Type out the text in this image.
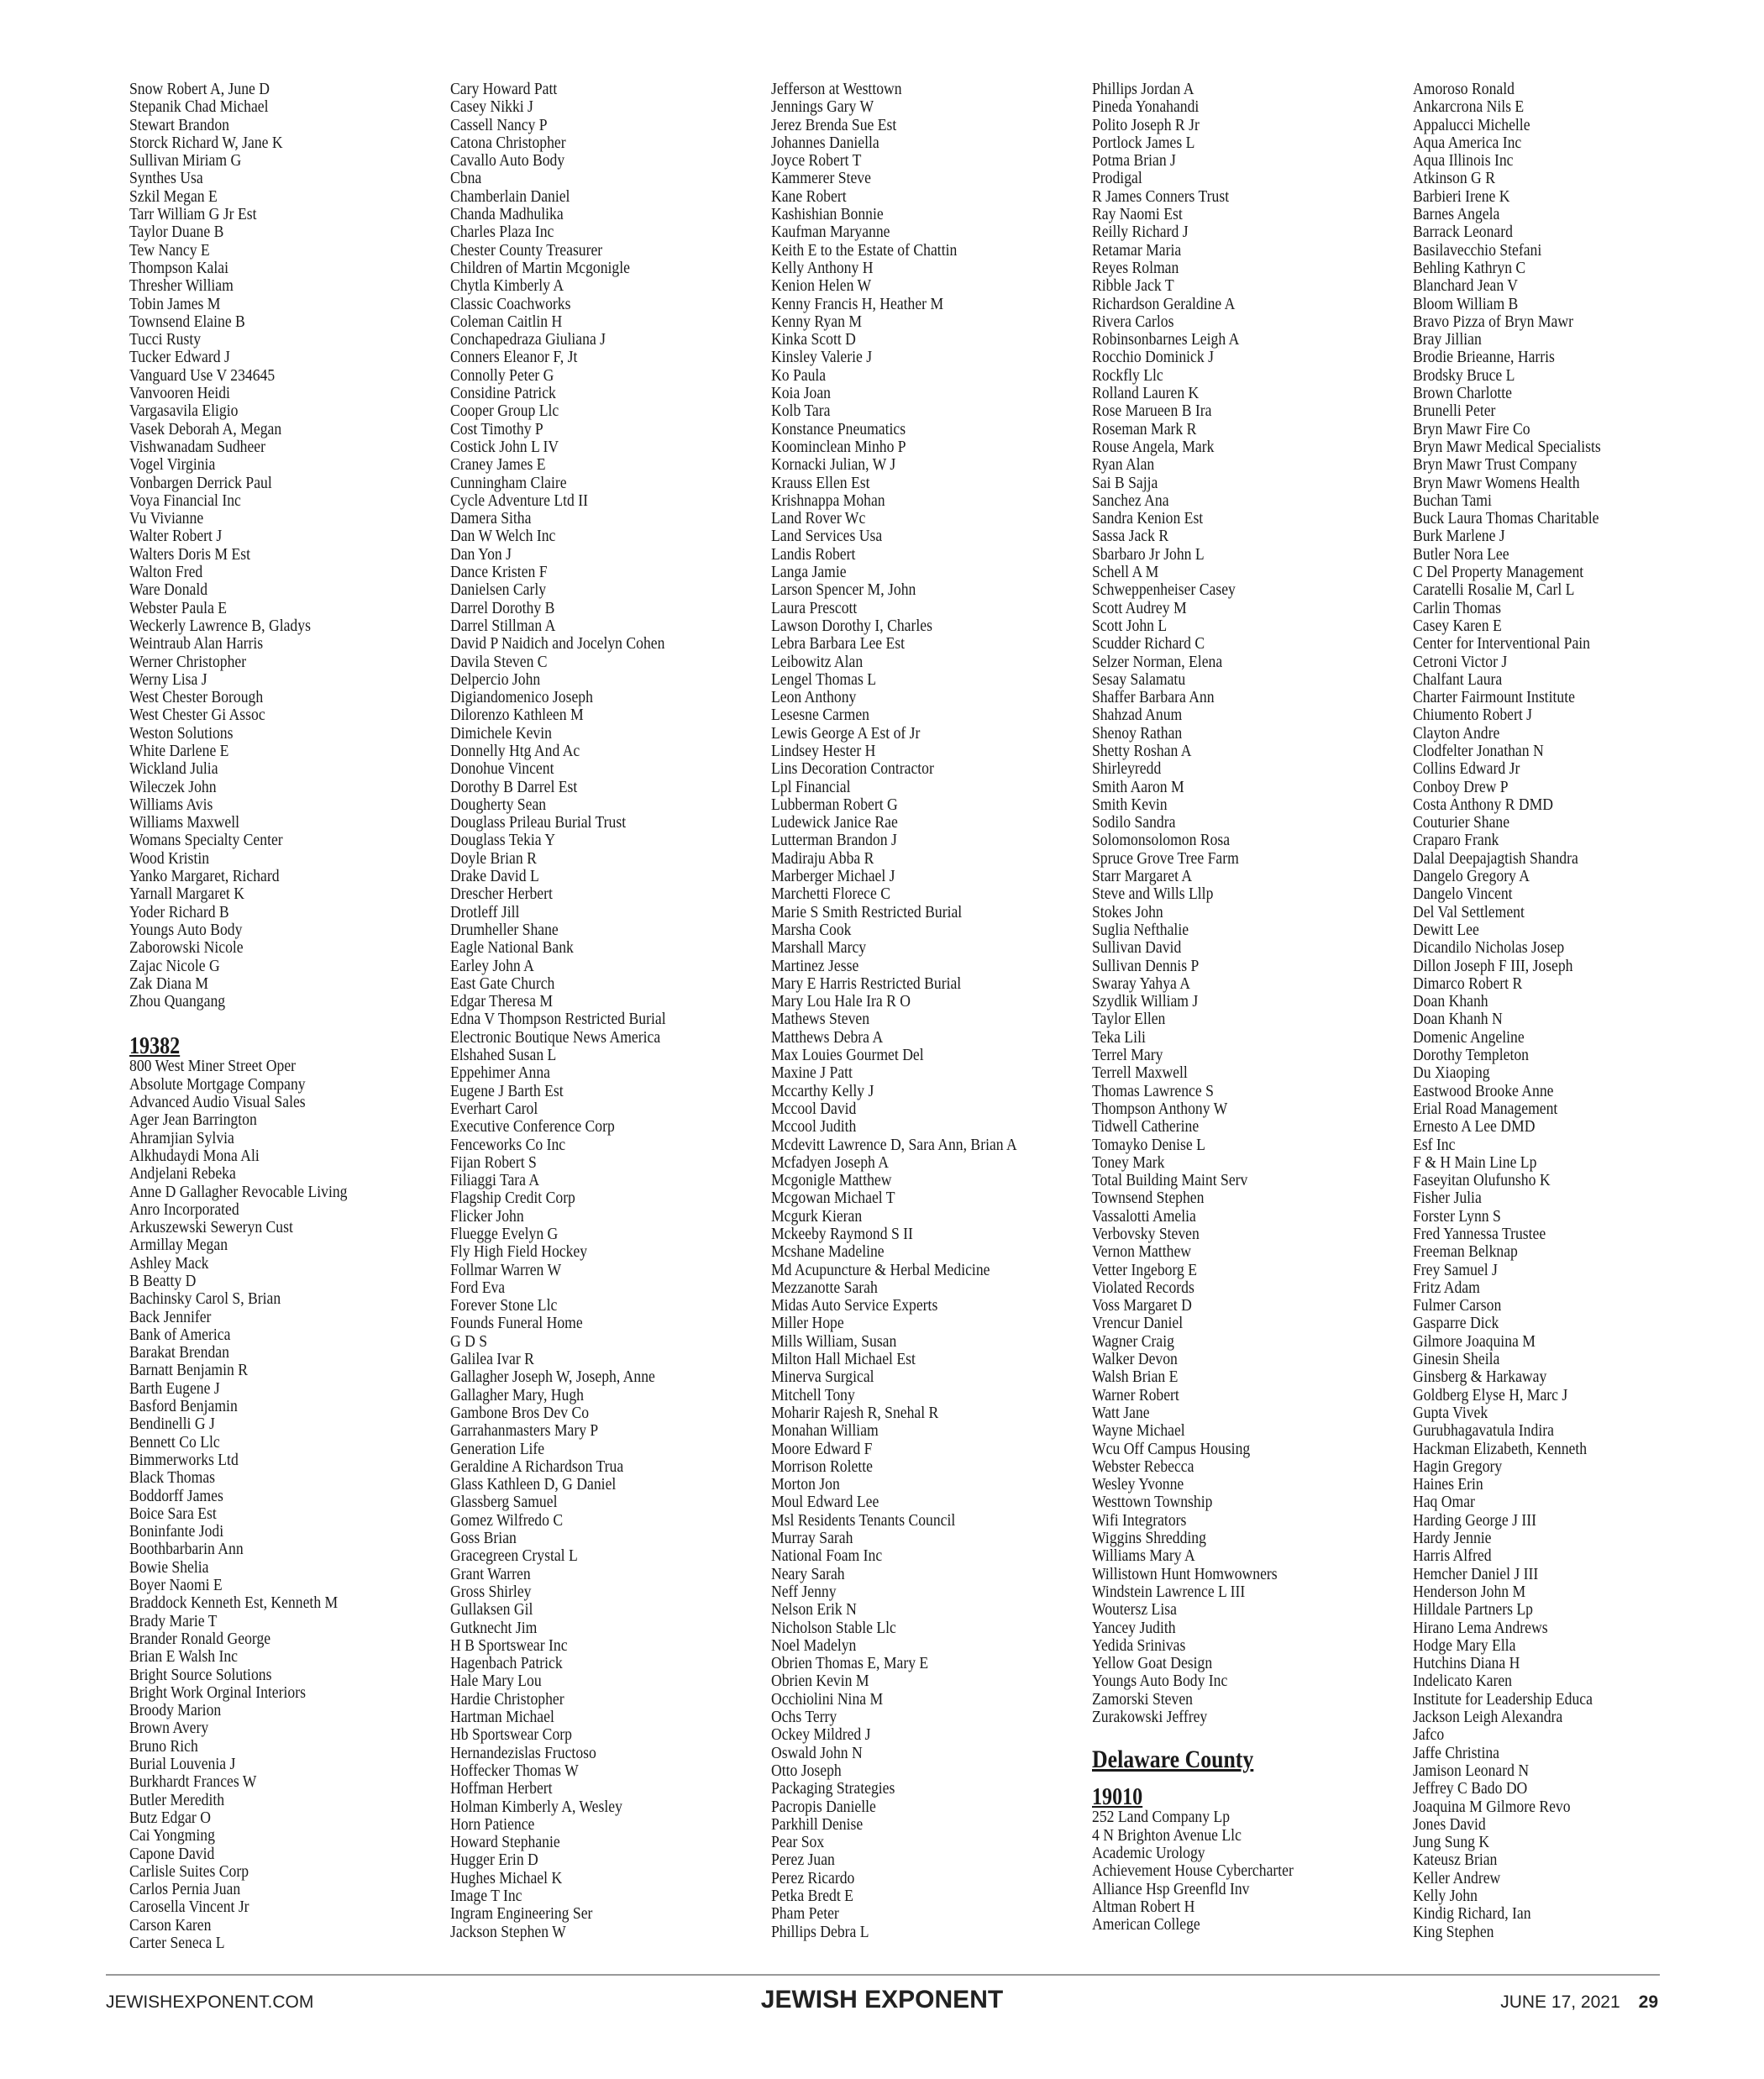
Snow Robert A, June D
Stepanik Chad Michael
Stewart Brandon
Storck Richard W, Jane K
Sullivan Miriam G
Synthes Usa
Szkil Megan E
Tarr William G Jr Est
Taylor Duane B
Tew Nancy E
Thompson Kalai
Thresher William
Tobin James M
Townsend Elaine B
Tucci Rusty
Tucker Edward J
Vanguard Use V 234645
Vanvooren Heidi
Vargasavila Eligio
Vasek Deborah A, Megan
Vishwanadam Sudheer
Vogel Virginia
Vonbargen Derrick Paul
Voya Financial Inc
Vu Vivianne
Walter Robert J
Walters Doris M Est
Walton Fred
Ware Donald
Webster Paula E
Weckerly Lawrence B, Gladys
Weintraub Alan Harris
Werner Christopher
Werny Lisa J
West Chester Borough
West Chester Gi Assoc
Weston Solutions
White Darlene E
Wickland Julia
Wileczek John
Williams Avis
Williams Maxwell
Womans Specialty Center
Wood Kristin
Yanko Margaret, Richard
Yarnall Margaret K
Yoder Richard B
Youngs Auto Body
Zaborowski Nicole
Zajac Nicole G
Zak Diana M
Zhou Quangang
19382
800 West Miner Street Oper
Absolute Mortgage Company
Advanced Audio Visual Sales
Ager Jean Barrington
Ahramjian Sylvia
Alkhudaydi Mona Ali
Andjelani Rebeka
Anne D Gallagher Revocable Living
Anro Incorporated
Arkuszewski Seweryn Cust
Armillay Megan
Ashley Mack
B Beatty D
Bachinsky Carol S, Brian
Back Jennifer
Bank of America
Barakat Brendan
Barnatt Benjamin R
Barth Eugene J
Basford Benjamin
Bendinelli G J
Bennett Co Llc
Bimmerworks Ltd
Black Thomas
Boddorff James
Boice Sara Est
Boninfante Jodi
Boothbarbarin Ann
Bowie Shelia
Boyer Naomi E
Braddock Kenneth Est, Kenneth M
Brady Marie T
Brander Ronald George
Brian E Walsh Inc
Bright Source Solutions
Bright Work Orginal Interiors
Broody Marion
Brown Avery
Bruno Rich
Burial Louvenia J
Burkhardt Frances W
Butler Meredith
Butz Edgar O
Cai Yongming
Capone David
Carlisle Suites Corp
Carlos Pernia Juan
Carosella Vincent Jr
Carson Karen
Carter Seneca L
Cary Howard Patt
Casey Nikki J
Cassell Nancy P
Catona Christopher
Cavallo Auto Body
Cbna
Chamberlain Daniel
Chanda Madhulika
Charles Plaza Inc
Chester County Treasurer
Children of Martin Mcgonigle
Chytla Kimberly A
Classic Coachworks
Coleman Caitlin H
Conchapedraza Giuliana J
Conners Eleanor F, Jt
Connolly Peter G
Considine Patrick
Cooper Group Llc
Cost Timothy P
Costick John L IV
Craney James E
Cunningham Claire
Cycle Adventure Ltd II
Damera Sitha
Dan W Welch Inc
Dan Yon J
Dance Kristen F
Danielsen Carly
Darrel Dorothy B
Darrel Stillman A
David P Naidich and Jocelyn Cohen
Davila Steven C
Delpercio John
Digiandomenico Joseph
Dilorenzo Kathleen M
Dimichele Kevin
Donnelly Htg And Ac
Donohue Vincent
Dorothy B Darrel Est
Dougherty Sean
Douglass Prileau Burial Trust
Douglass Tekia Y
Doyle Brian R
Drake David L
Drescher Herbert
Drotleff Jill
Drumheller Shane
Eagle National Bank
Earley John A
East Gate Church
Edgar Theresa M
Edna V Thompson Restricted Burial
Electronic Boutique News America
Elshahed Susan L
Eppehimer Anna
Eugene J Barth Est
Everhart Carol
Executive Conference Corp
Fenceworks Co Inc
Fijan Robert S
Filiaggi Tara A
Flagship Credit Corp
Flicker John
Fluegge Evelyn G
Fly High Field Hockey
Follmar Warren W
Ford Eva
Forever Stone Llc
Founds Funeral Home
G D S
Galilea Ivar R
Gallagher Joseph W, Joseph, Anne
Gallagher Mary, Hugh
Gambone Bros Dev Co
Garrahanmasters Mary P
Generation Life
Geraldine A Richardson Trua
Glass Kathleen D, G Daniel
Glassberg Samuel
Gomez Wilfredo C
Goss Brian
Gracegreen Crystal L
Grant Warren
Gross Shirley
Gullaksen Gil
Gutknecht Jim
H B Sportswear Inc
Hagenbach Patrick
Hale Mary Lou
Hardie Christopher
Hartman Michael
Hb Sportswear Corp
Hernandezislas Fructoso
Hoffecker Thomas W
Hoffman Herbert
Holman Kimberly A, Wesley
Horn Patience
Howard Stephanie
Hugger Erin D
Hughes Michael K
Image T Inc
Ingram Engineering Ser
Jackson Stephen W
Jefferson at Westtown
Jennings Gary W
Jerez Brenda Sue Est
Johannes Daniella
Joyce Robert T
Kammerer Steve
Kane Robert
Kashishian Bonnie
Kaufman Maryanne
Keith E to the Estate of Chattin
Kelly Anthony H
Kenion Helen W
Kenny Francis H, Heather M
Kenny Ryan M
Kinka Scott D
Kinsley Valerie J
Ko Paula
Koia Joan
Kolb Tara
Konstance Pneumatics
Koominclean Minho P
Kornacki Julian, W J
Krauss Ellen Est
Krishnappa Mohan
Land Rover Wc
Land Services Usa
Landis Robert
Langa Jamie
Larson Spencer M, John
Laura Prescott
Lawson Dorothy I, Charles
Lebra Barbara Lee Est
Leibowitz Alan
Lengel Thomas L
Leon Anthony
Lesesne Carmen
Lewis George A Est of Jr
Lindsey Hester H
Lins Decoration Contractor
Lpl Financial
Lubberman Robert G
Ludewick Janice Rae
Lutterman Brandon J
Madiraju Abba R
Marberger Michael J
Marchetti Florece C
Marie S Smith Restricted Burial
Marsha Cook
Marshall Marcy
Martinez Jesse
Mary E Harris Restricted Burial
Mary Lou Hale Ira R O
Mathews Steven
Matthews Debra A
Max Louies Gourmet Del
Maxine J Patt
Mccarthy Kelly J
Mccool David
Mccool Judith
Mcdevitt Lawrence D, Sara Ann, Brian A
Mcfadyen Joseph A
Mcgonigle Matthew
Mcgowan Michael T
Mcgurk Kieran
Mckeeby Raymond S II
Mcshane Madeline
Md Acupuncture & Herbal Medicine
Mezzanotte Sarah
Midas Auto Service Experts
Miller Hope
Mills William, Susan
Milton Hall Michael Est
Minerva Surgical
Mitchell Tony
Moharir Rajesh R, Snehal R
Monahan William
Moore Edward F
Morrison Rolette
Morton Jon
Moul Edward Lee
Msl Residents Tenants Council
Murray Sarah
National Foam Inc
Neary Sarah
Neff Jenny
Nelson Erik N
Nicholson Stable Llc
Noel Madelyn
Obrien Thomas E, Mary E
Obrien Kevin M
Occhiolini Nina M
Ochs Terry
Ockey Mildred J
Oswald John N
Otto Joseph
Packaging Strategies
Pacropis Danielle
Parkhill Denise
Pear Sox
Perez Juan
Perez Ricardo
Petka Bredt E
Pham Peter
Phillips Debra L
Phillips Jordan A
Pineda Yonahandi
Polito Joseph R Jr
Portlock James L
Potma Brian J
Prodigal
R James Conners Trust
Ray Naomi Est
Reilly Richard J
Retamar Maria
Reyes Rolman
Ribble Jack T
Richardson Geraldine A
Rivera Carlos
Robinsonbarnes Leigh A
Rocchio Dominick J
Rockfly Llc
Rolland Lauren K
Rose Marueen B Ira
Roseman Mark R
Rouse Angela, Mark
Ryan Alan
Sai B Sajja
Sanchez Ana
Sandra Kenion Est
Sassa Jack R
Sbarbaro Jr John L
Schell A M
Schweppenheiser Casey
Scott Audrey M
Scott John L
Scudder Richard C
Selzer Norman, Elena
Sesay Salamatu
Shaffer Barbara Ann
Shahzad Anum
Shenoy Rathan
Shetty Roshan A
Shirleyredd
Smith Aaron M
Smith Kevin
Sodilo Sandra
Solomonsolomon Rosa
Spruce Grove Tree Farm
Starr Margaret A
Steve and Wills Lllp
Stokes John
Suglia Nefthalie
Sullivan David
Sullivan Dennis P
Swaray Yahya A
Szydlik William J
Taylor Ellen
Teka Lili
Terrel Mary
Terrell Maxwell
Thomas Lawrence S
Thompson Anthony W
Tidwell Catherine
Tomayko Denise L
Toney Mark
Total Building Maint Serv
Townsend Stephen
Vassalotti Amelia
Verbovsky Steven
Vernon Matthew
Vetter Ingeborg E
Violated Records
Voss Margaret D
Vrencur Daniel
Wagner Craig
Walker Devon
Walsh Brian E
Warner Robert
Watt Jane
Wayne Michael
Wcu Off Campus Housing
Webster Rebecca
Wesley Yvonne
Westtown Township
Wifi Integrators
Wiggins Shredding
Williams Mary A
Willistown Hunt Homwowners
Windstein Lawrence L III
Woutersz Lisa
Yancey Judith
Yedida Srinivas
Yellow Goat Design
Youngs Auto Body Inc
Zamorski Steven
Zurakowski Jeffrey
Delaware County
19010
252 Land Company Lp
4 N Brighton Avenue Llc
Academic Urology
Achievement House Cybercharter
Alliance Hsp Greenfld Inv
Altman Robert H
American College
Amoroso Ronald
Ankarcrona Nils E
Appalucci Michelle
Aqua America Inc
Aqua Illinois Inc
Atkinson G R
Barbieri Irene K
Barnes Angela
Barrack Leonard
Basilavecchio Stefani
Behling Kathryn C
Blanchard Jean V
Bloom William B
Bravo Pizza of Bryn Mawr
Bray Jillian
Brodie Brieanne, Harris
Brodsky Bruce L
Brown Charlotte
Brunelli Peter
Bryn Mawr Fire Co
Bryn Mawr Medical Specialists
Bryn Mawr Trust Company
Bryn Mawr Womens Health
Buchan Tami
Buck Laura Thomas Charitable
Burk Marlene J
Butler Nora Lee
C Del Property Management
Caratelli Rosalie M, Carl L
Carlin Thomas
Casey Karen E
Center for Interventional Pain
Cetroni Victor J
Chalfant Laura
Charter Fairmount Institute
Chiumento Robert J
Clayton Andre
Clodfelter Jonathan N
Collins Edward Jr
Conboy Drew P
Costa Anthony R DMD
Couturier Shane
Craparo Frank
Dalal Deepajagtish Shandra
Dangelo Gregory A
Dangelo Vincent
Del Val Settlement
Dewitt Lee
Dicandilo Nicholas Josep
Dillon Joseph F III, Joseph
Dimarco Robert R
Doan Khanh
Doan Khanh N
Domenic Angeline
Dorothy Templeton
Du Xiaoping
Eastwood Brooke Anne
Erial Road Management
Ernesto A Lee DMD
Esf Inc
F & H Main Line Lp
Faseyitan Olufunsho K
Fisher Julia
Forster Lynn S
Fred Yannessa Trustee
Freeman Belknap
Frey Samuel J
Fritz Adam
Fulmer Carson
Gasparre Dick
Gilmore Joaquina M
Ginesin Sheila
Ginsberg & Harkaway
Goldberg Elyse H, Marc J
Gupta Vivek
Gurubhagavatula Indira
Hackman Elizabeth, Kenneth
Hagin Gregory
Haines Erin
Haq Omar
Harding George J III
Hardy Jennie
Harris Alfred
Hemcher Daniel J III
Henderson John M
Hilldale Partners Lp
Hirano Lema Andrews
Hodge Mary Ella
Hutchins Diana H
Indelicato Karen
Institute for Leadership Educa
Jackson Leigh Alexandra
Jafco
Jaffe Christina
Jamison Leonard N
Jeffrey C Bado DO
Joaquina M Gilmore Revo
Jones David
Jung Sung K
Kateusz Brian
Keller Andrew
Kelly John
Kindig Richard, Ian
King Stephen
JEWISHEXPONENT.COM	JEWISH EXPONENT	JUNE 17, 2021 29
